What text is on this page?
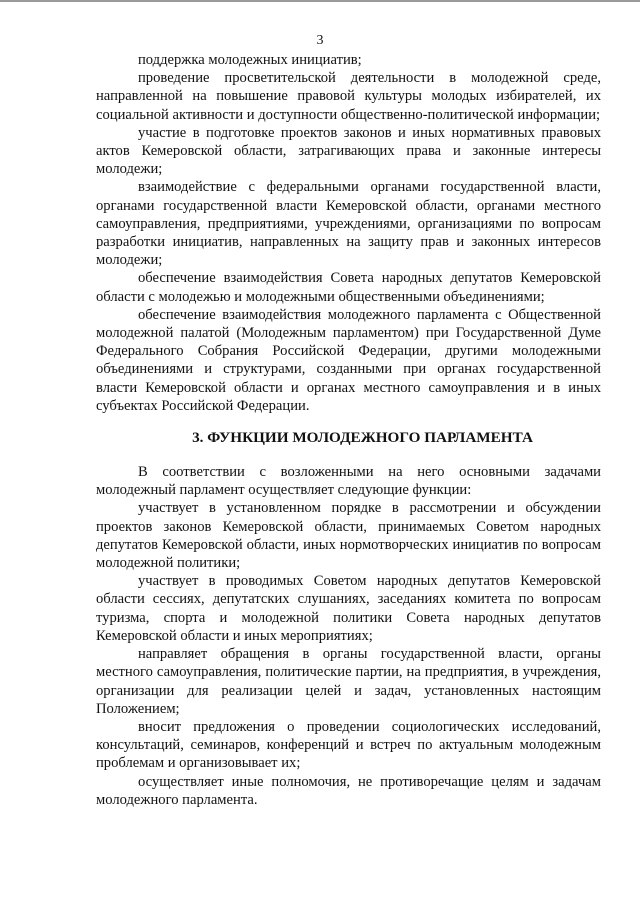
3

поддержка молодежных инициатив;

проведение просветительской деятельности в молодежной среде, направленной на повышение правовой культуры молодых избирателей, их социальной активности и доступности общественно-политической информации;

участие в подготовке проектов законов и иных нормативных правовых актов Кемеровской области, затрагивающих права и законные интересы молодежи;

взаимодействие с федеральными органами государственной власти, органами государственной власти Кемеровской области, органами местного самоуправления, предприятиями, учреждениями, организациями по вопросам разработки инициатив, направленных на защиту прав и законных интересов молодежи;

обеспечение взаимодействия Совета народных депутатов Кемеровской области с молодежью и молодежными общественными объединениями;

обеспечение взаимодействия молодежного парламента с Общественной молодежной палатой (Молодежным парламентом) при Государственной Думе Федерального Собрания Российской Федерации, другими молодежными объединениями и структурами, созданными при органах государственной власти Кемеровской области и органах местного самоуправления и в иных субъектах Российской Федерации.

3. ФУНКЦИИ МОЛОДЕЖНОГО ПАРЛАМЕНТА

В соответствии с возложенными на него основными задачами молодежный парламент осуществляет следующие функции:

участвует в установленном порядке в рассмотрении и обсуждении проектов законов Кемеровской области, принимаемых Советом народных депутатов Кемеровской области, иных нормотворческих инициатив по вопросам молодежной политики;

участвует в проводимых Советом народных депутатов Кемеровской области сессиях, депутатских слушаниях, заседаниях комитета по вопросам туризма, спорта и молодежной политики Совета народных депутатов Кемеровской области и иных мероприятиях;

направляет обращения в органы государственной власти, органы местного самоуправления, политические партии, на предприятия, в учреждения, организации для реализации целей и задач, установленных настоящим Положением;

вносит предложения о проведении социологических исследований, консультаций, семинаров, конференций и встреч по актуальным молодежным проблемам и организовывает их;

осуществляет иные полномочия, не противоречащие целям и задачам молодежного парламента.
